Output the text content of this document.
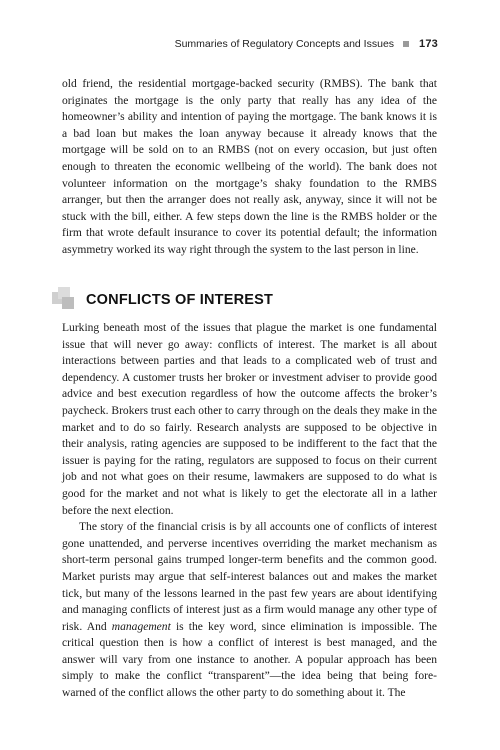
Summaries of Regulatory Concepts and Issues 173

old friend, the residential mortgage-backed security (RMBS). The bank that originates the mortgage is the only party that really has any idea of the homeowner’s ability and intention of paying the mortgage. The bank knows it is a bad loan but makes the loan anyway because it already knows that the mortgage will be sold on to an RMBS (not on every occasion, but just often enough to threaten the economic wellbeing of the world). The bank does not volunteer information on the mortgage’s shaky foundation to the RMBS arranger, but then the arranger does not really ask, anyway, since it will not be stuck with the bill, either. A few steps down the line is the RMBS holder or the firm that wrote default insurance to cover its potential default; the information asymmetry worked its way right through the system to the last person in line.

CONFLICTS OF INTEREST

Lurking beneath most of the issues that plague the market is one fundamental issue that will never go away: conflicts of interest. The market is all about interactions between parties and that leads to a complicated web of trust and dependency. A customer trusts her broker or investment adviser to provide good advice and best execution regardless of how the outcome affects the broker’s paycheck. Brokers trust each other to carry through on the deals they make in the market and to do so fairly. Research analysts are supposed to be objective in their analysis, rating agencies are supposed to be indifferent to the fact that the issuer is paying for the rating, regulators are supposed to focus on their current job and not what goes on their resume, lawmakers are supposed to do what is good for the market and not what is likely to get the electorate all in a lather before the next election.

The story of the financial crisis is by all accounts one of conflicts of interest gone unattended, and perverse incentives overriding the market mechanism as short-term personal gains trumped longer-term benefits and the common good. Market purists may argue that self-interest balances out and makes the market tick, but many of the lessons learned in the past few years are about identifying and managing conflicts of interest just as a firm would manage any other type of risk. And management is the key word, since elimination is impossible. The critical question then is how a conflict of interest is best managed, and the answer will vary from one instance to another. A popular approach has been simply to make the conflict “transparent”—the idea being that being fore-warned of the conflict allows the other party to do something about it. The
